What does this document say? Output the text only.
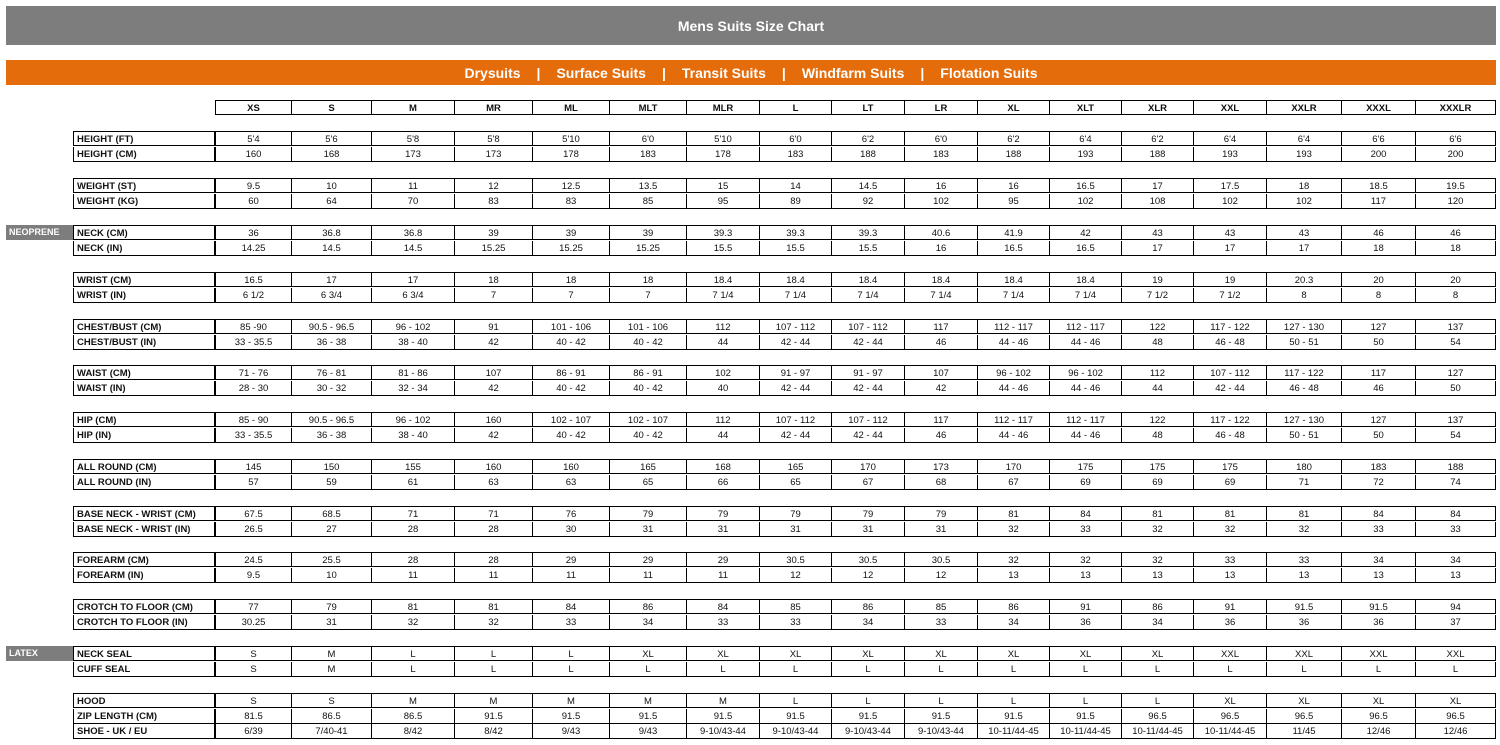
Mens Suits Size Chart
Drysuits | Surface Suits | Transit Suits | Windfarm Suits | Flotation Suits
XS	S	M	MR	ML	MLT	MLR	L	LT	LR	XL	XLT	XLR	XXL	XXLR	XXXL	XXXLR
HEIGHT (FT)	5'4	5'6	5'8	5'8	5'10	6'0	5'10	6'0	6'2	6'0	6'2	6'4	6'2	6'4	6'4	6'6	6'6
HEIGHT (CM)	160	168	173	173	178	183	178	183	188	183	188	193	188	193	193	200	200
WEIGHT (ST)	9.5	10	11	12	12.5	13.5	15	14	14.5	16	16	16.5	17	17.5	18	18.5	19.5
WEIGHT (KG)	60	64	70	83	83	85	95	89	92	102	95	102	108	102	102	117	120
NEOPRENE	NECK (CM)	36	36.8	36.8	39	39	39	39.3	39.3	39.3	40.6	41.9	42	43	43	43	46	46
NECK (IN)	14.25	14.5	14.5	15.25	15.25	15.25	15.5	15.5	15.5	16	16.5	16.5	17	17	17	18	18
WRIST (CM)	16.5	17	17	18	18	18	18.4	18.4	18.4	18.4	18.4	18.4	19	19	20.3	20	20
WRIST (IN)	6 1/2	6 3/4	6 3/4	7	7	7	7 1/4	7 1/4	7 1/4	7 1/4	7 1/4	7 1/4	7 1/2	7 1/2	8	8	8
CHEST/BUST (CM)	85 -90	90.5 - 96.5	96 - 102	91	101 - 106	101 - 106	112	107 - 112	107 - 112	117	112 - 117	112 - 117	122	117 - 122	127 - 130	127	137
CHEST/BUST (IN)	33 - 35.5	36 - 38	38 - 40	42	40 - 42	40 - 42	44	42 - 44	42 - 44	46	44 - 46	44 - 46	48	46 - 48	50 - 51	50	54
WAIST (CM)	71 - 76	76 - 81	81 - 86	107	86 - 91	86 - 91	102	91 - 97	91 - 97	107	96 - 102	96 - 102	112	107 - 112	117 - 122	117	127
WAIST (IN)	28 - 30	30 - 32	32 - 34	42	40 - 42	40 - 42	40	42 - 44	42 - 44	42	44 - 46	44 - 46	44	42 - 44	46 - 48	46	50
HIP (CM)	85 - 90	90.5 - 96.5	96 - 102	160	102 - 107	102 - 107	112	107 - 112	107 - 112	117	112 - 117	112 - 117	122	117 - 122	127 - 130	127	137
HIP (IN)	33 - 35.5	36 - 38	38 - 40	42	40 - 42	40 - 42	44	42 - 44	42 - 44	46	44 - 46	44 - 46	48	46 - 48	50 - 51	50	54
ALL ROUND (CM)	145	150	155	160	160	165	168	165	170	173	170	175	175	175	180	183	188
ALL ROUND (IN)	57	59	61	63	63	65	66	65	67	68	67	69	69	69	71	72	74
BASE NECK - WRIST (CM)	67.5	68.5	71	71	76	79	79	79	79	79	81	84	81	81	81	84	84
BASE NECK - WRIST (IN)	26.5	27	28	28	30	31	31	31	31	31	32	33	32	32	32	33	33
FOREARM (CM)	24.5	25.5	28	28	29	29	29	30.5	30.5	30.5	32	32	32	33	33	34	34
FOREARM (IN)	9.5	10	11	11	11	11	11	12	12	12	13	13	13	13	13	13	13
CROTCH TO FLOOR (CM)	77	79	81	81	84	86	84	85	86	85	86	91	86	91	91.5	91.5	94
CROTCH TO FLOOR (IN)	30.25	31	32	32	33	34	33	33	34	33	34	36	34	36	36	36	37
LATEX	NECK SEAL	S	M	L	L	L	XL	XL	XL	XL	XL	XL	XL	XL	XXL	XXL	XXL	XXL
CUFF SEAL	S	M	L	L	L	L	L	L	L	L	L	L	L	L	L	L	L
HOOD	S	S	M	M	M	M	M	L	L	L	L	L	L	XL	XL	XL	XL
ZIP LENGTH (CM)	81.5	86.5	86.5	91.5	91.5	91.5	91.5	91.5	91.5	91.5	91.5	91.5	96.5	96.5	96.5	96.5	96.5
SHOE - UK / EU	6/39	7/40-41	8/42	8/42	9/43	9/43	9-10/43-44	9-10/43-44	9-10/43-44	9-10/43-44	10-11/44-45	10-11/44-45	10-11/44-45	10-11/44-45	11/45	12/46	12/46
